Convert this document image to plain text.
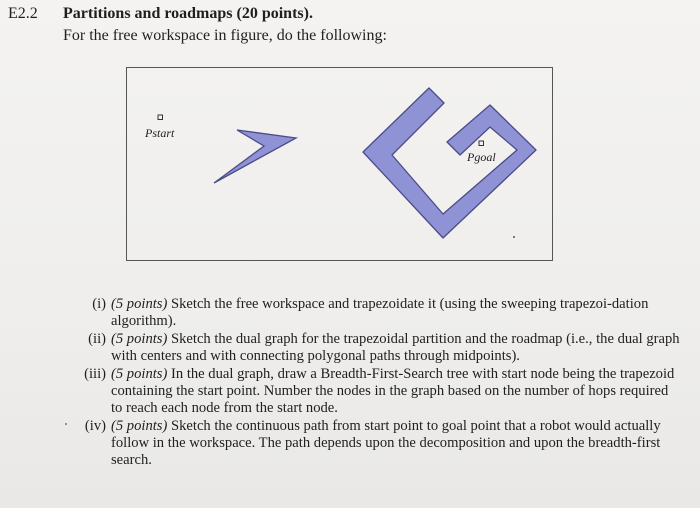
E2.2 Partitions and roadmaps (20 points).
For the free workspace in figure, do the following:
Pstart
Pgoal
(i) (5 points) Sketch the free workspace and trapezoidate it (using the sweeping trapezoi-dation algorithm).
(ii) (5 points) Sketch the dual graph for the trapezoidal partition and the roadmap (i.e., the dual graph with centers and with connecting polygonal paths through midpoints).
(iii) (5 points) In the dual graph, draw a Breadth-First-Search tree with start node being the trapezoid containing the start point. Number the nodes in the graph based on the number of hops required to reach each node from the start node.
(iv) (5 points) Sketch the continuous path from start point to goal point that a robot would actually follow in the workspace. The path depends upon the decomposition and upon the breadth-first search.
